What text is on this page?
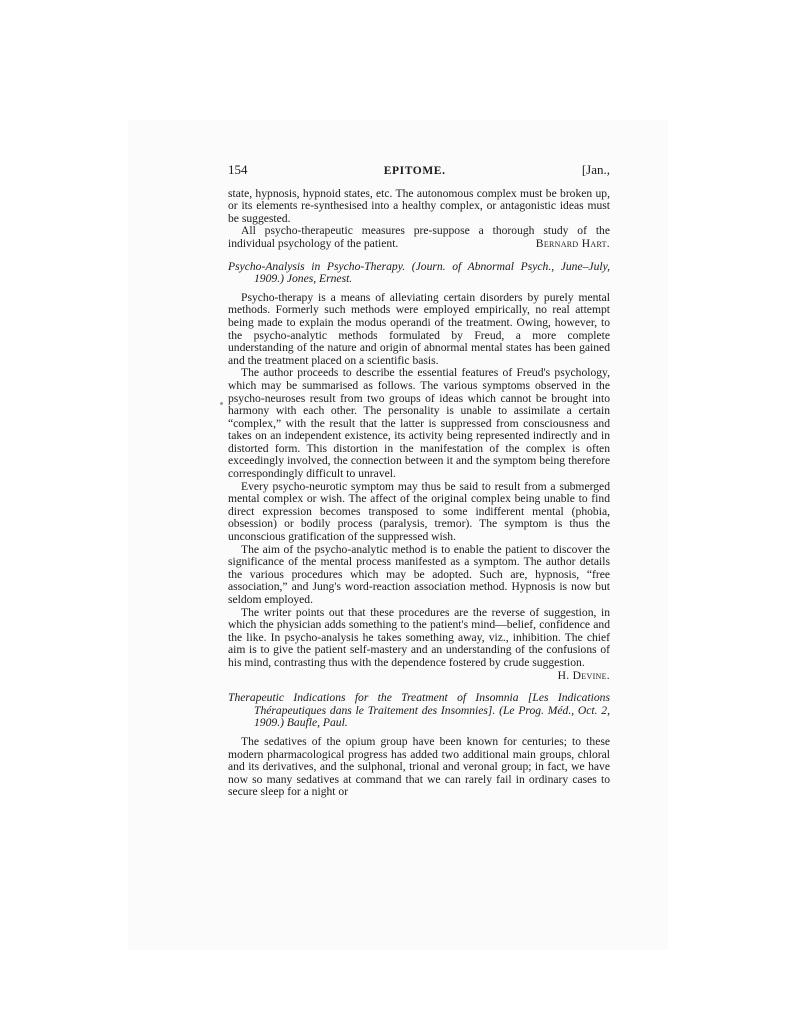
154	EPITOME.	[Jan.,

state, hypnosis, hypnoid states, etc. The autonomous complex must be broken up, or its elements re-synthesised into a healthy complex, or antagonistic ideas must be suggested.

All psycho-therapeutic measures pre-suppose a thorough study of the individual psychology of the patient.	Bernard Hart.

Psycho-Analysis in Psycho-Therapy. (Journ. of Abnormal Psych., June–July, 1909.) Jones, Ernest.

Psycho-therapy is a means of alleviating certain disorders by purely mental methods. Formerly such methods were employed empirically, no real attempt being made to explain the modus operandi of the treatment. Owing, however, to the psycho-analytic methods formulated by Freud, a more complete understanding of the nature and origin of abnormal mental states has been gained and the treatment placed on a scientific basis.

The author proceeds to describe the essential features of Freud's psychology, which may be summarised as follows. The various symptoms observed in the psycho-neuroses result from two groups of ideas which cannot be brought into harmony with each other. The personality is unable to assimilate a certain “complex,” with the result that the latter is suppressed from consciousness and takes on an independent existence, its activity being represented indirectly and in distorted form. This distortion in the manifestation of the complex is often exceedingly involved, the connection between it and the symptom being therefore correspondingly difficult to unravel.

Every psycho-neurotic symptom may thus be said to result from a submerged mental complex or wish. The affect of the original complex being unable to find direct expression becomes transposed to some indifferent mental (phobia, obsession) or bodily process (paralysis, tremor). The symptom is thus the unconscious gratification of the suppressed wish.

The aim of the psycho-analytic method is to enable the patient to discover the significance of the mental process manifested as a symptom. The author details the various procedures which may be adopted. Such are, hypnosis, “free association,” and Jung's word-reaction association method. Hypnosis is now but seldom employed.

The writer points out that these procedures are the reverse of suggestion, in which the physician adds something to the patient's mind—belief, confidence and the like. In psycho-analysis he takes something away, viz., inhibition. The chief aim is to give the patient self-mastery and an understanding of the confusions of his mind, contrasting thus with the dependence fostered by crude suggestion.
H. Devine.

Therapeutic Indications for the Treatment of Insomnia [Les Indications Thérapeutiques dans le Traitement des Insomnies]. (Le Prog. Méd., Oct. 2, 1909.) Baufle, Paul.

The sedatives of the opium group have been known for centuries; to these modern pharmacological progress has added two additional main groups, chloral and its derivatives, and the sulphonal, trional and veronal group; in fact, we have now so many sedatives at command that we can rarely fail in ordinary cases to secure sleep for a night or
